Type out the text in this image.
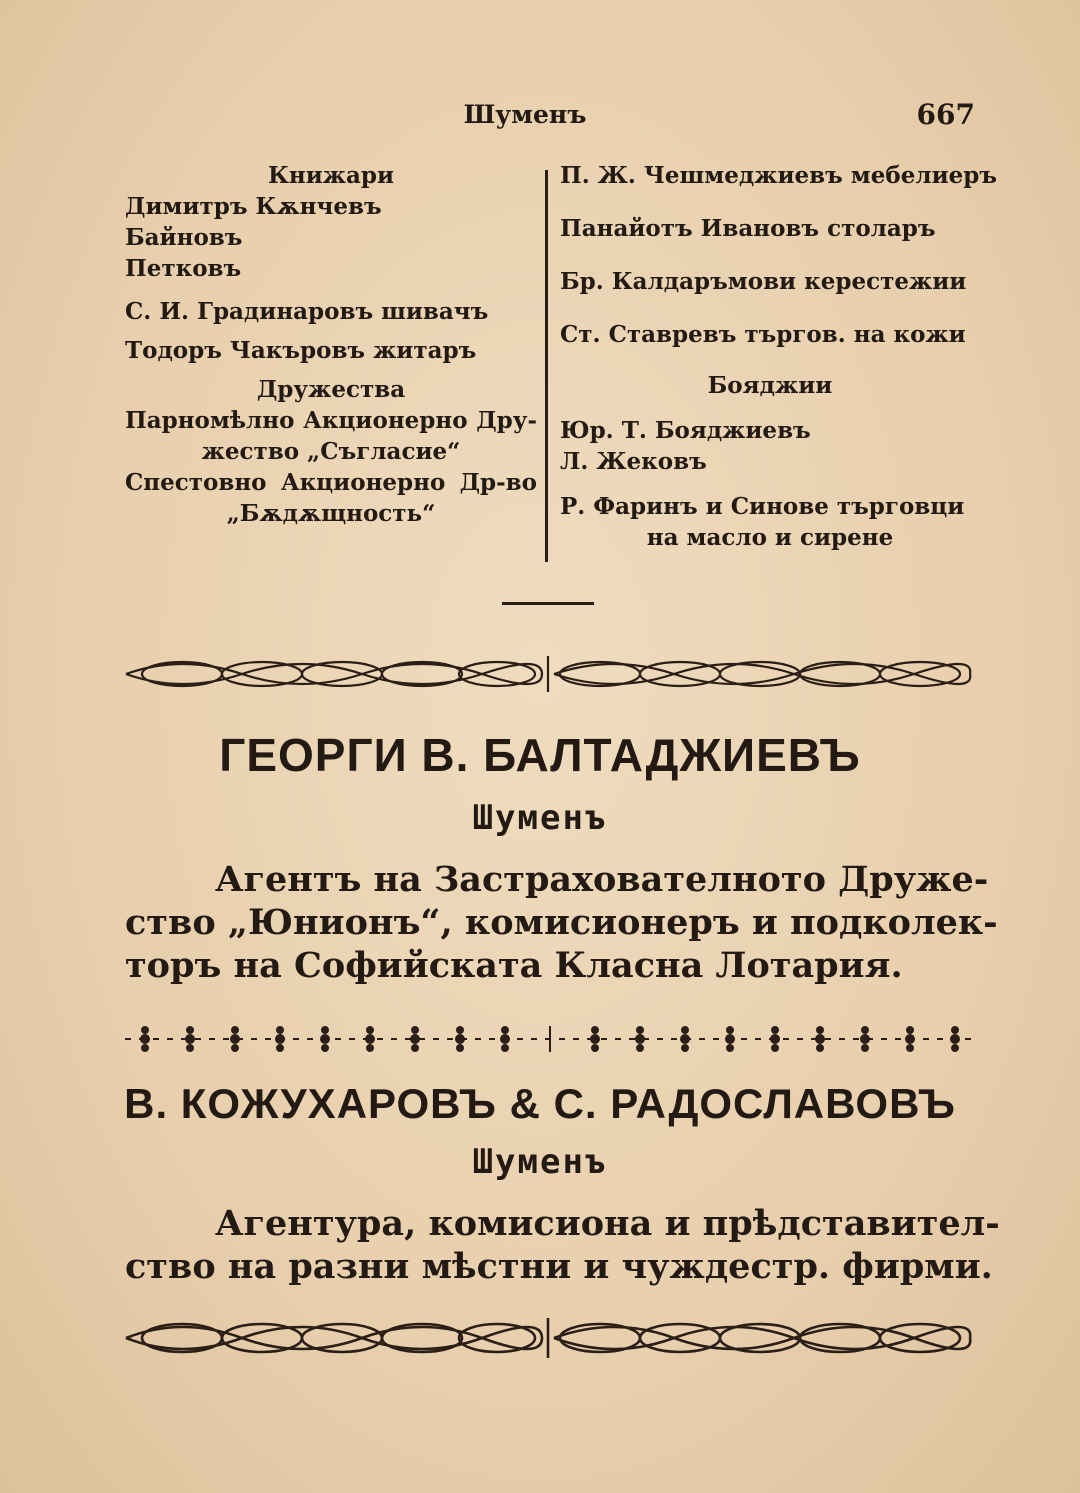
Шуменъ	667
Книжари
Димитръ Кѫнчевъ
Байновъ
Петковъ
С. И. Градинаровъ шивачъ
Тодоръ Чакъровъ житаръ
Дружества
Парномѣлно Акционерно Дру-
жество „Съгласие“
Спестовно Акционерно Др-во
„Бѫдѫщность“
П. Ж. Чешмеджиевъ мебелиеръ
Панайотъ Ивановъ столаръ
Бр. Калдаръмови керестежии
Ст. Ставревъ търгов. на кожи
Бояджии
Юр. Т. Бояджиевъ
Л. Жековъ
Р. Фаринъ и Синове търговци
на масло и сирене
ГЕОРГИ В. БАЛТАДЖИЕВЪ
Шуменъ
Агентъ на Застрахователното Друже-
ство „Юнионъ“, комисионеръ и подколек-
торъ на Софийската Класна Лотария.
В. КОЖУХАРОВЪ & С. РАДОСЛАВОВЪ
Шуменъ
Агентура, комисиона и прѣдставител-
ство на разни мѣстни и чуждестр. фирми.
